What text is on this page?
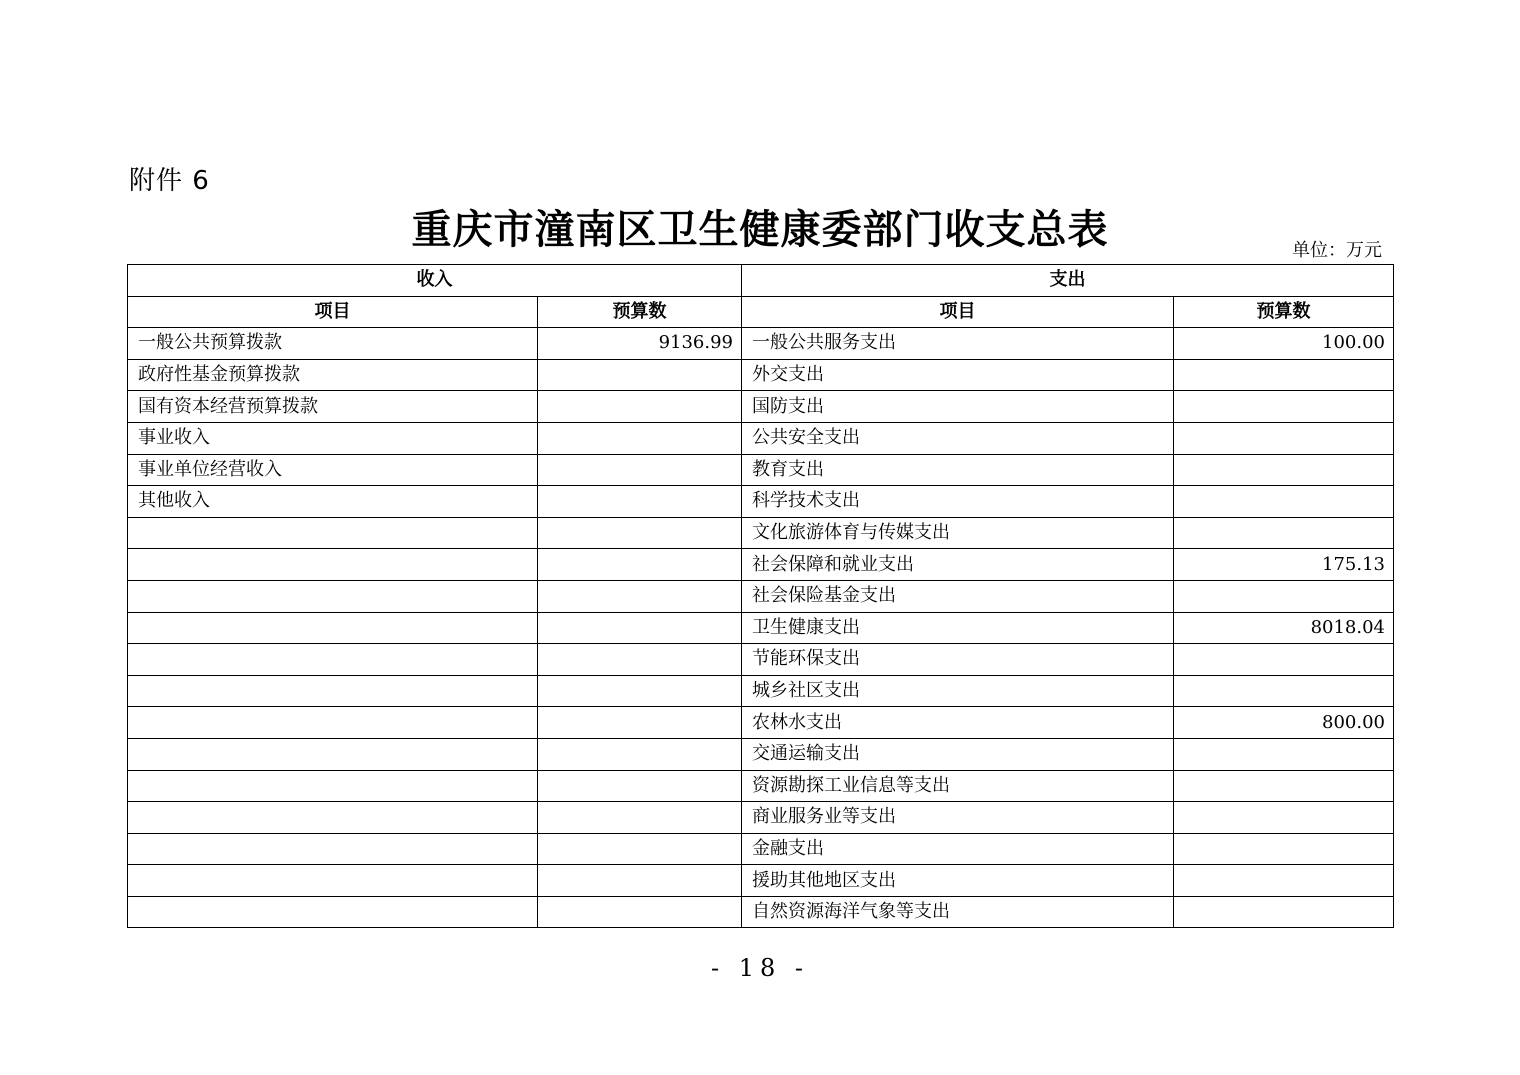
附件 6
重庆市潼南区卫生健康委部门收支总表	单位：万元
收入		支出	
项目	预算数	项目	预算数
一般公共预算拨款	9136.99	一般公共服务支出	100.00
政府性基金预算拨款		外交支出	
国有资本经营预算拨款		国防支出	
事业收入		公共安全支出	
事业单位经营收入		教育支出	
其他收入		科学技术支出	
		文化旅游体育与传媒支出	
		社会保障和就业支出	175.13
		社会保险基金支出	
		卫生健康支出	8018.04
		节能环保支出	
		城乡社区支出	
		农林水支出	800.00
		交通运输支出	
		资源勘探工业信息等支出	
		商业服务业等支出	
		金融支出	
		援助其他地区支出	
		自然资源海洋气象等支出	
- 18 -
